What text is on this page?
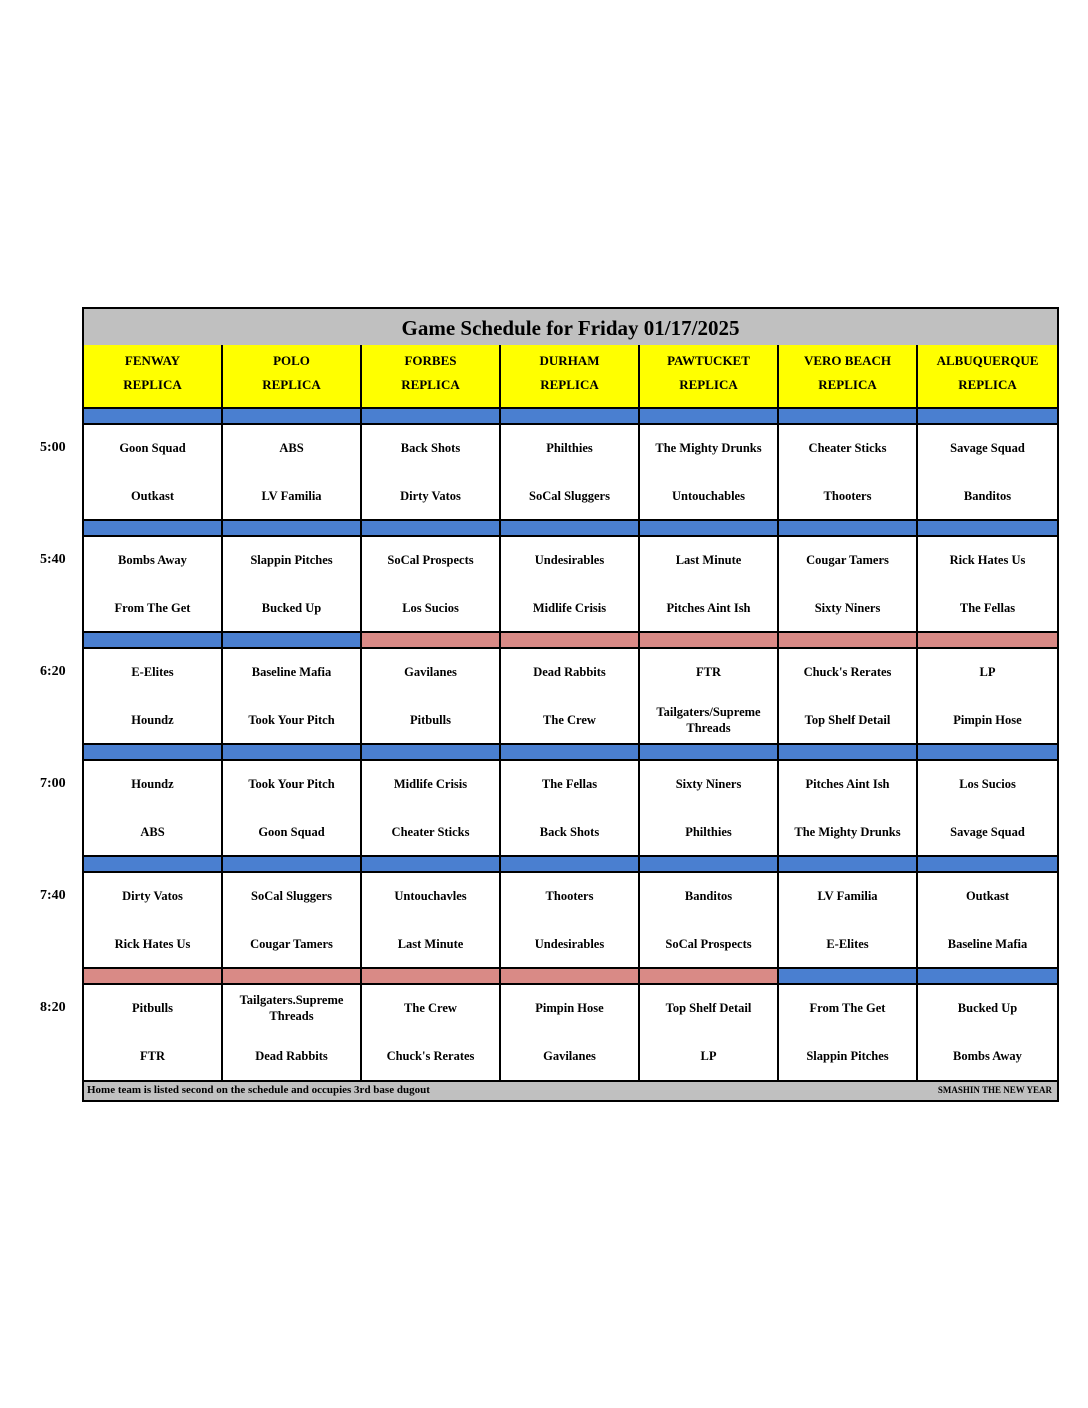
Game Schedule for Friday 01/17/2025
FENWAY
REPLICA
POLO
REPLICA
FORBES
REPLICA
DURHAM
REPLICA
PAWTUCKET
REPLICA
VERO BEACH
REPLICA
ALBUQUERQUE
REPLICA
Goon Squad
Outkast
ABS
LV Familia
Back Shots
Dirty Vatos
Philthies
SoCal Sluggers
The Mighty Drunks
Untouchables
Cheater Sticks
Thooters
Savage Squad
Banditos
Bombs Away
From The Get
Slappin Pitches
Bucked Up
SoCal Prospects
Los Sucios
Undesirables
Midlife Crisis
Last Minute
Pitches Aint Ish
Cougar Tamers
Sixty Niners
Rick Hates Us
The Fellas
E-Elites
Houndz
Baseline Mafia
Took Your Pitch
Gavilanes
Pitbulls
Dead Rabbits
The Crew
FTR
Tailgaters/Supreme Threads
Chuck's Rerates
Top Shelf Detail
LP
Pimpin Hose
Houndz
ABS
Took Your Pitch
Goon Squad
Midlife Crisis
Cheater Sticks
The Fellas
Back Shots
Sixty Niners
Philthies
Pitches Aint Ish
The Mighty Drunks
Los Sucios
Savage Squad
Dirty Vatos
Rick Hates Us
SoCal Sluggers
Cougar Tamers
Untouchavles
Last Minute
Thooters
Undesirables
Banditos
SoCal Prospects
LV Familia
E-Elites
Outkast
Baseline Mafia
Pitbulls
FTR
Tailgaters.Supreme Threads
Dead Rabbits
The Crew
Chuck's Rerates
Pimpin Hose
Gavilanes
Top Shelf Detail
LP
From The Get
Slappin Pitches
Bucked Up
Bombs Away
Home team is listed second on the schedule and occupies 3rd base dugout	SMASHIN THE NEW YEAR
5:00
5:40
6:20
7:00
7:40
8:20
